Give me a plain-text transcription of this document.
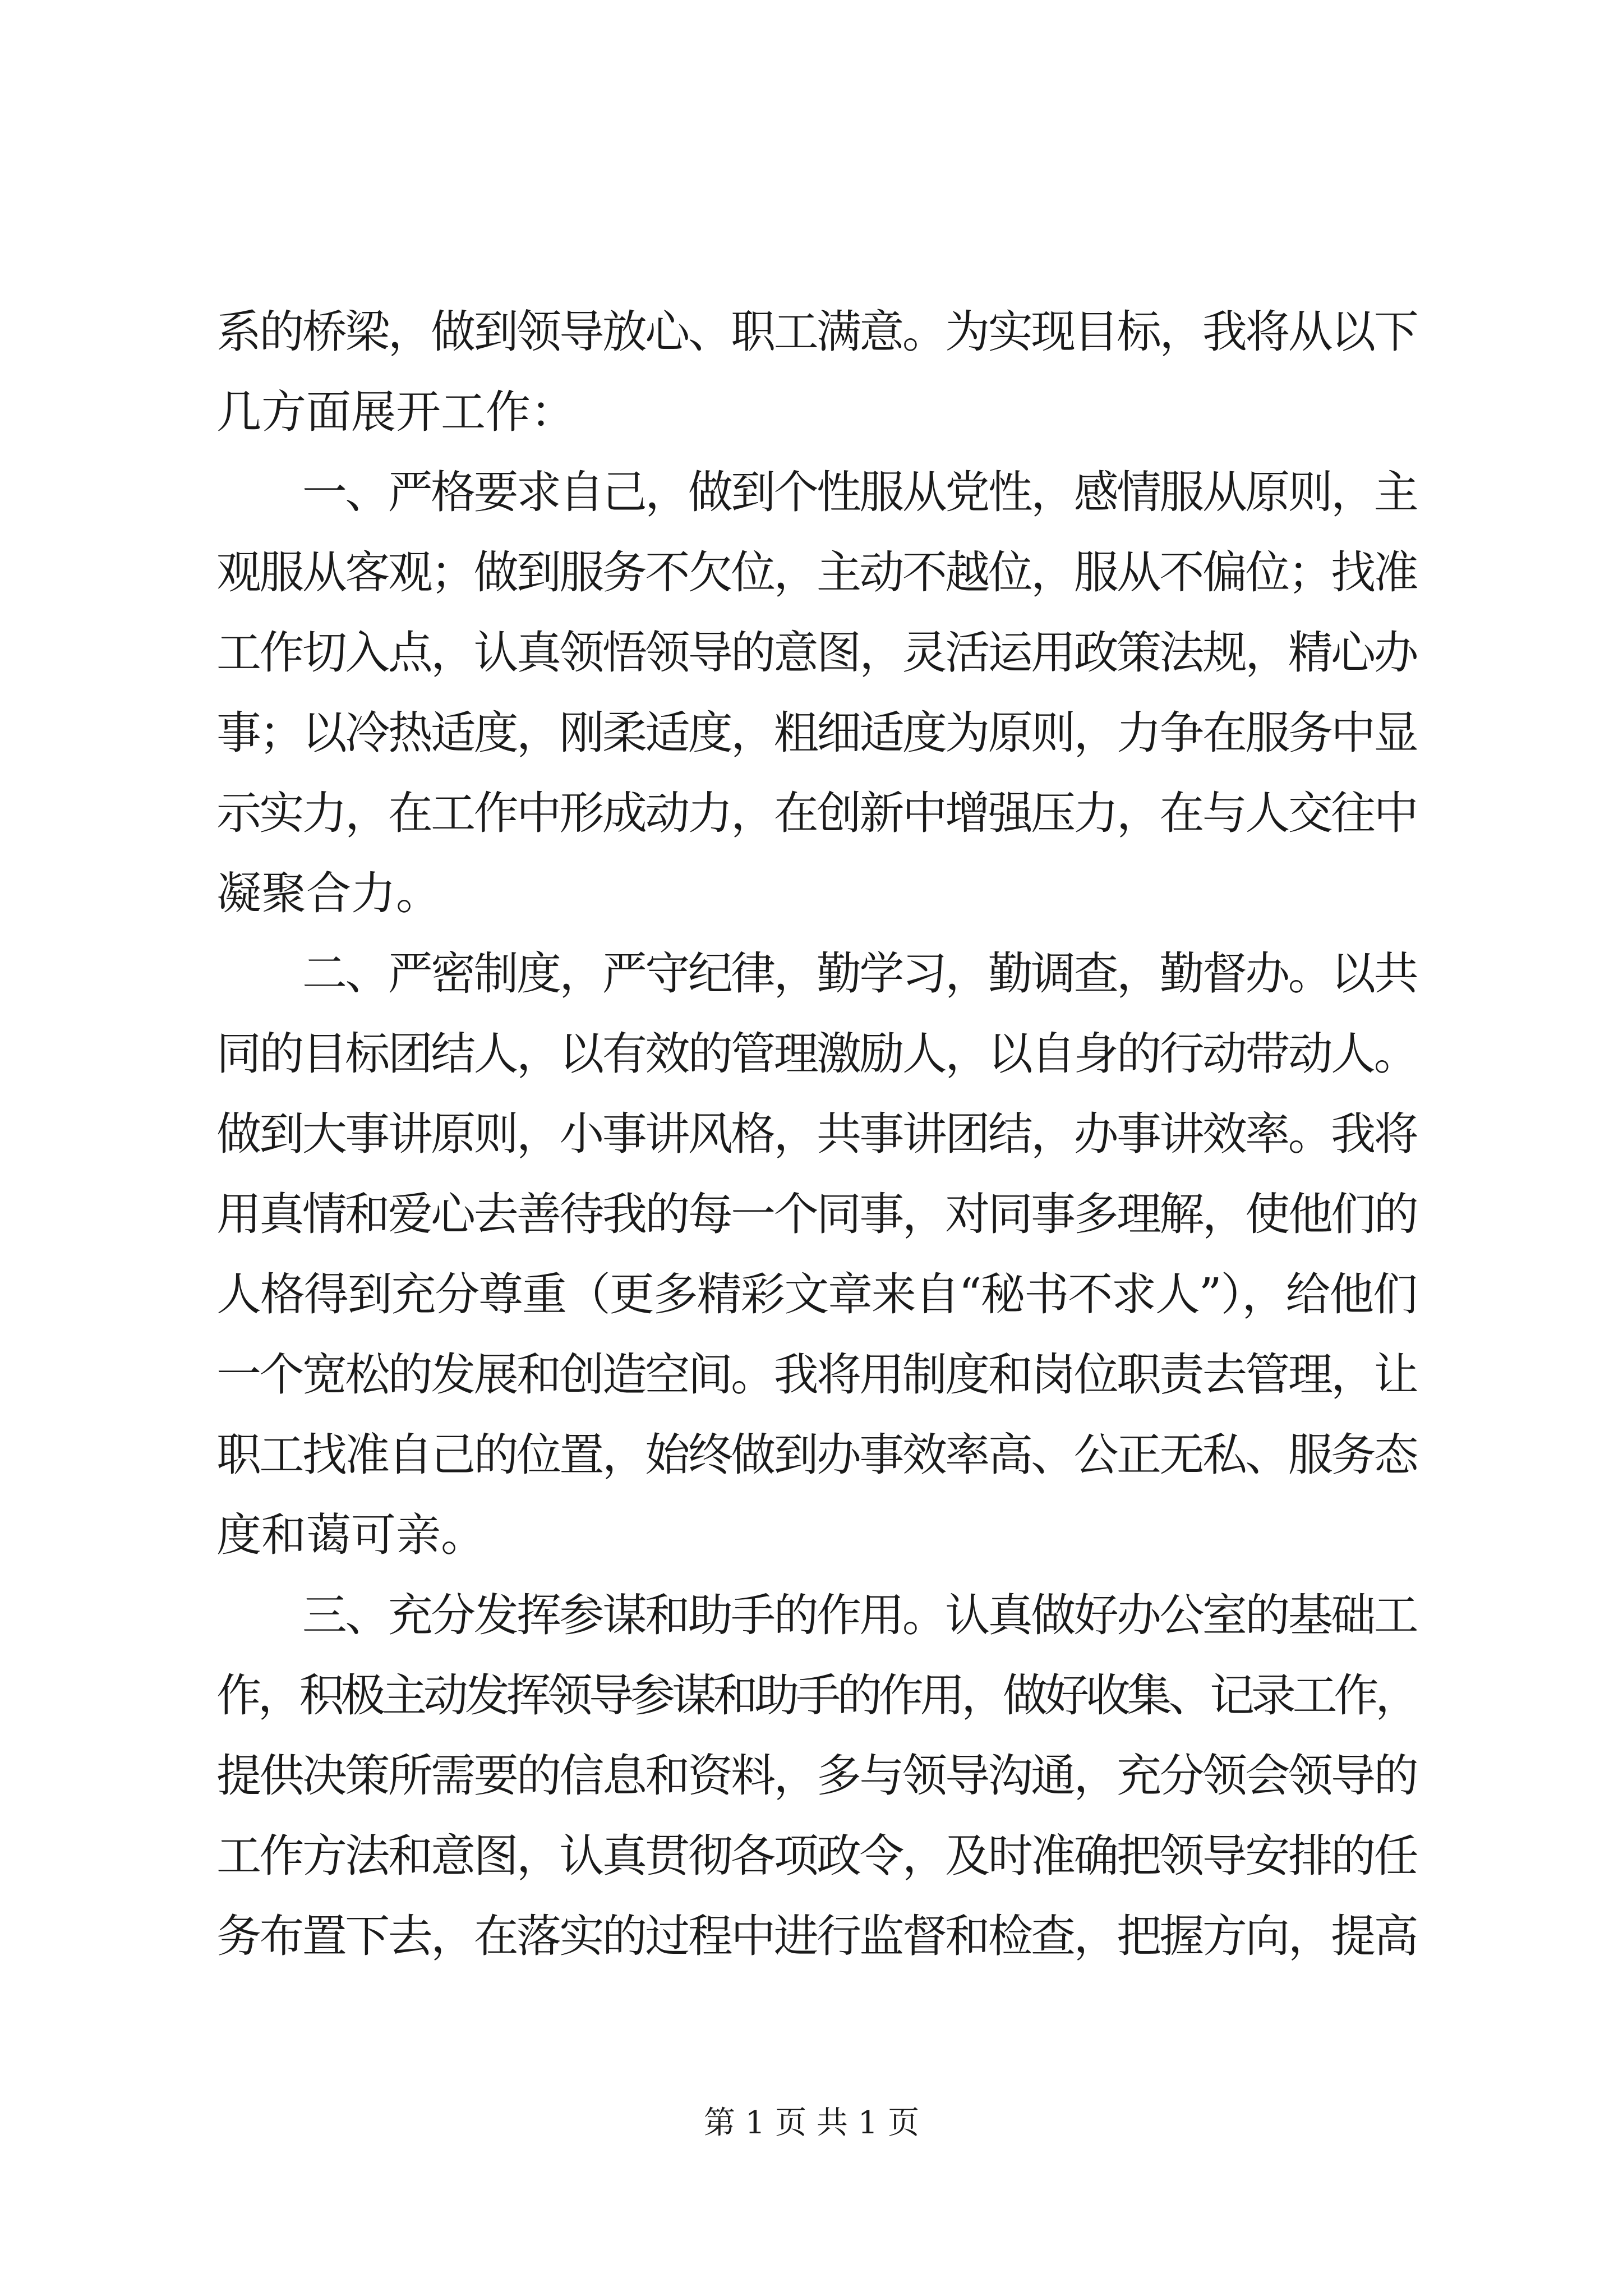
系的桥梁，做到领导放心、职工满意。为实现目标，我将从以下
几方面展开工作：
　　一、严格要求自己，做到个性服从党性，感情服从原则，主
观服从客观；做到服务不欠位，主动不越位，服从不偏位；找准
工作切入点，认真领悟领导的意图，灵活运用政策法规，精心办
事；以冷热适度，刚柔适度，粗细适度为原则，力争在服务中显
示实力，在工作中形成动力，在创新中增强压力，在与人交往中
凝聚合力。
　　二、严密制度，严守纪律，勤学习，勤调查，勤督办。以共
同的目标团结人，以有效的管理激励人，以自身的行动带动人。
做到大事讲原则，小事讲风格，共事讲团结，办事讲效率。我将
用真情和爱心去善待我的每一个同事，对同事多理解，使他们的
人格得到充分尊重（更多精彩文章来自“秘书不求人”），给他们
一个宽松的发展和创造空间。我将用制度和岗位职责去管理，让
职工找准自己的位置，始终做到办事效率高、公正无私、服务态
度和蔼可亲。
　　三、充分发挥参谋和助手的作用。认真做好办公室的基础工
作，积极主动发挥领导参谋和助手的作用，做好收集、记录工作，
提供决策所需要的信息和资料，多与领导沟通，充分领会领导的
工作方法和意图，认真贯彻各项政令，及时准确把领导安排的任
务布置下去，在落实的过程中进行监督和检查，把握方向，提高
第 1 页 共 1 页
